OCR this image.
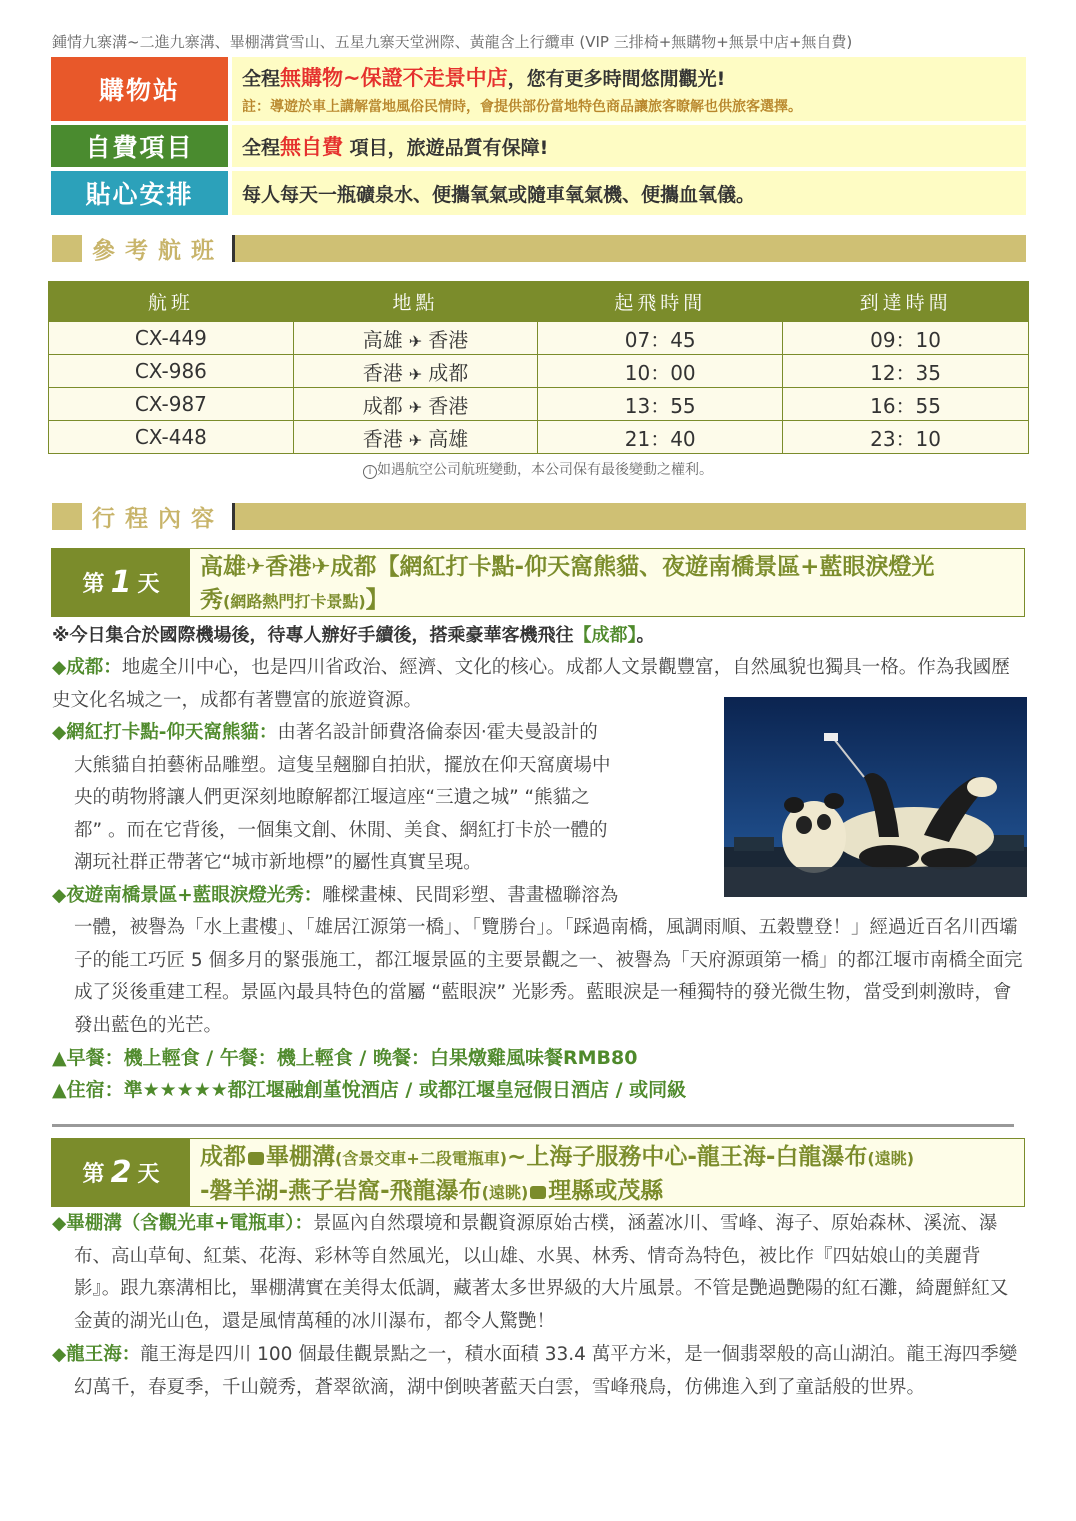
鍾情九寨溝~二進九寨溝、畢棚溝賞雪山、五星九寨天堂洲際、黃龍含上行纜車 (VIP 三排椅+無購物+無景中店+無自費)
購物站	全程無購物~保證不走景中店，您有更多時間悠閒觀光!
註：導遊於車上講解當地風俗民情時，會提供部份當地特色商品讓旅客瞭解也供旅客選擇。
自費項目	全程無自費 項目，旅遊品質有保障!
貼心安排	每人每天一瓶礦泉水、便攜氧氣或隨車氧氣機、便攜血氧儀。
參考航班
航班	地點	起飛時間	到達時間
CX-449	高雄 ✈ 香港	07：45	09：10
CX-986	香港 ✈ 成都	10：00	12：35
CX-987	成都 ✈ 香港	13：55	16：55
CX-448	香港 ✈ 高雄	21：40	23：10
i 如遇航空公司航班變動，本公司保有最後變動之權利。
行程內容
第 1 天
高雄✈香港✈成都【網紅打卡點-仰天窩熊貓、夜遊南橋景區+藍眼淚燈光
秀(網路熱門打卡景點)】
※今日集合於國際機場後，待專人辦好手續後，搭乘豪華客機飛往【成都】。
◆成都：地處全川中心，也是四川省政治、經濟、文化的核心。成都人文景觀豐富，自然風貌也獨具一格。作為我國歷史文化名城之一，成都有著豐富的旅遊資源。
◆網紅打卡點-仰天窩熊貓：由著名設計師費洛倫泰因·霍夫曼設計的
大熊貓自拍藝術品雕塑。這隻呈翹腳自拍狀，擺放在仰天窩廣場中
央的萌物將讓人們更深刻地瞭解都江堰這座“三遺之城” “熊貓之
都” 。而在它背後，一個集文創、休閒、美食、網紅打卡於一體的
潮玩社群正帶著它“城市新地標”的屬性真實呈現。
◆夜遊南橋景區+藍眼淚燈光秀：雕樑畫棟、民間彩塑、書畫楹聯溶為
一體，被譽為「水上畫樓」、「雄居江源第一橋」、「覽勝台」。「踩過南橋，風調雨順、五穀豐登！」經過近百名川西壩子的能工巧匠 5 個多月的緊張施工，都江堰景區的主要景觀之一、被譽為「天府源頭第一橋」的都江堰市南橋全面完成了災後重建工程。景區內最具特色的當屬 “藍眼淚” 光影秀。藍眼淚是一種獨特的發光微生物，當受到刺激時，會發出藍色的光芒。
▲早餐：機上輕食 / 午餐：機上輕食 / 晚餐：白果燉雞風味餐RMB80
▲住宿：準★★★★★都江堰融創堇悅酒店 / 或都江堰皇冠假日酒店 / 或同級
第 2 天
成都 畢棚溝(含景交車+二段電瓶車)~上海子服務中心-龍王海-白龍瀑布(遠眺)
-磐羊湖-燕子岩窩-飛龍瀑布(遠眺) 理縣或茂縣
◆畢棚溝（含觀光車+電瓶車）：景區內自然環境和景觀資源原始古樸，涵蓋冰川、雪峰、海子、原始森林、溪流、瀑布、高山草甸、紅葉、花海、彩林等自然風光，以山雄、水異、林秀、情奇為特色，被比作『四姑娘山的美麗背影』。跟九寨溝相比，畢棚溝實在美得太低調，藏著太多世界級的大片風景。不管是艷過艷陽的紅石灘，綺麗鮮紅又金黃的湖光山色，還是風情萬種的冰川瀑布，都令人驚艷！
◆龍王海：龍王海是四川 100 個最佳觀景點之一，積水面積 33.4 萬平方米，是一個翡翠般的高山湖泊。龍王海四季變幻萬千，春夏季，千山競秀，蒼翠欲滴，湖中倒映著藍天白雲，雪峰飛鳥，仿佛進入到了童話般的世界。
